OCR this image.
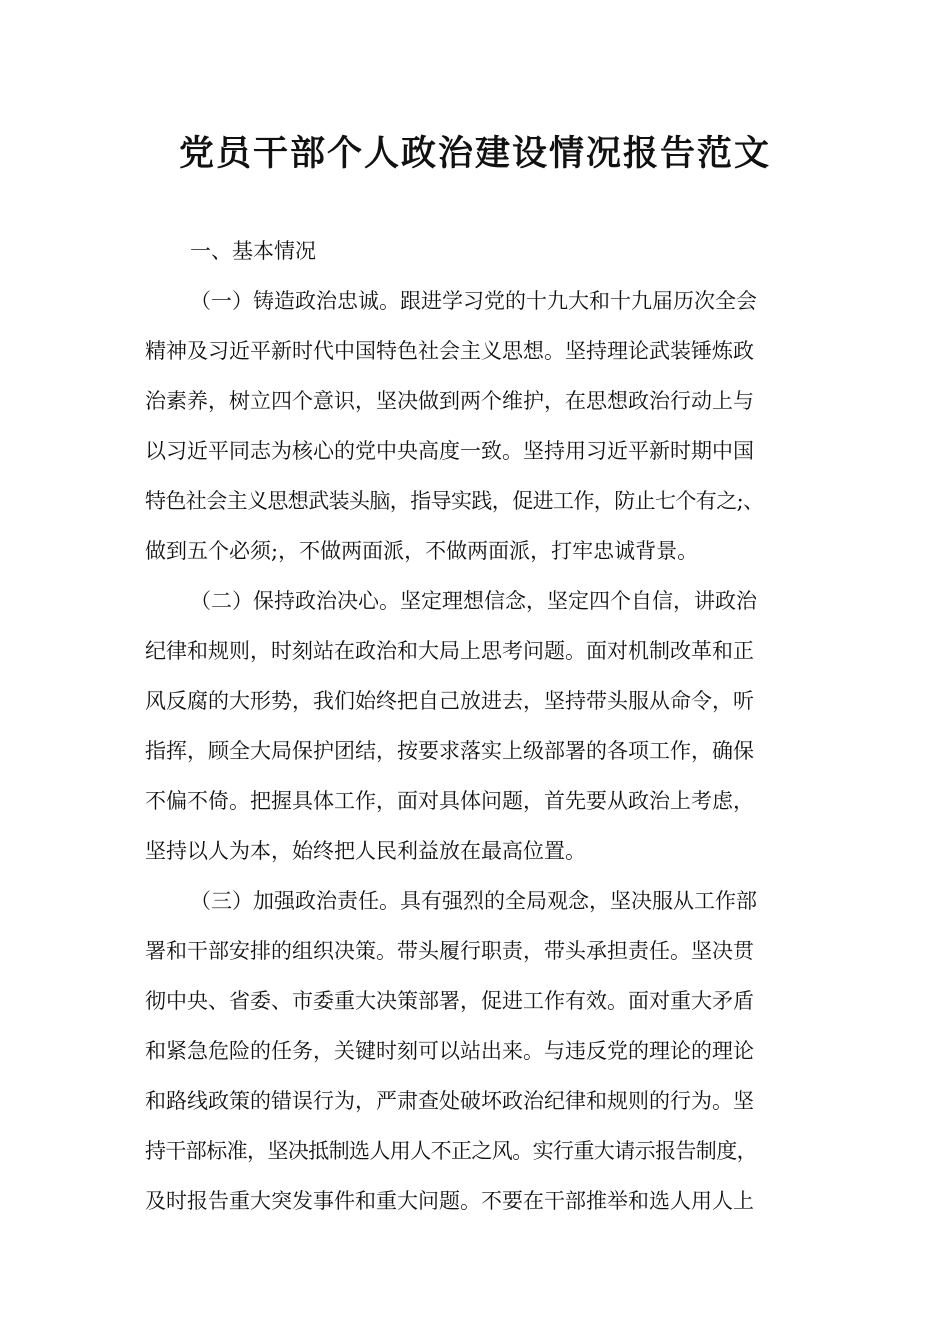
党员干部个人政治建设情况报告范文
一、基本情况
（一）铸造政治忠诚。跟进学习党的十九大和十九届历次全会
精神及习近平新时代中国特色社会主义思想。坚持理论武装锤炼政
治素养，树立四个意识，坚决做到两个维护，在思想政治行动上与
以习近平同志为核心的党中央高度一致。坚持用习近平新时期中国
特色社会主义思想武装头脑，指导实践，促进工作，防止七个有之;、
做到五个必须;，不做两面派，不做两面派，打牢忠诚背景。
（二）保持政治决心。坚定理想信念，坚定四个自信，讲政治
纪律和规则，时刻站在政治和大局上思考问题。面对机制改革和正
风反腐的大形势，我们始终把自己放进去，坚持带头服从命令，听
指挥，顾全大局保护团结，按要求落实上级部署的各项工作，确保
不偏不倚。把握具体工作，面对具体问题，首先要从政治上考虑，
坚持以人为本，始终把人民利益放在最高位置。
（三）加强政治责任。具有强烈的全局观念，坚决服从工作部
署和干部安排的组织决策。带头履行职责，带头承担责任。坚决贯
彻中央、省委、市委重大决策部署，促进工作有效。面对重大矛盾
和紧急危险的任务，关键时刻可以站出来。与违反党的理论的理论
和路线政策的错误行为，严肃查处破坏政治纪律和规则的行为。坚
持干部标准，坚决抵制选人用人不正之风。实行重大请示报告制度，
及时报告重大突发事件和重大问题。不要在干部推举和选人用人上
